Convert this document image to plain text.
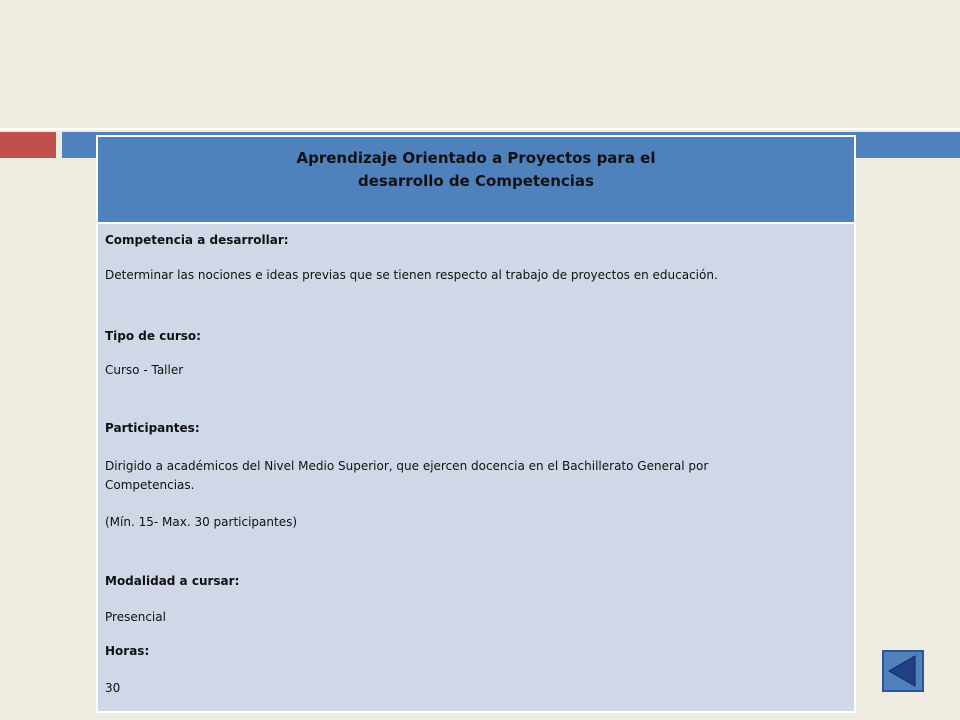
Aprendizaje Orientado a Proyectos para el

desarrollo de Competencias

Competencia a desarrollar:

Determinar las nociones e ideas previas que se tienen respecto al trabajo de proyectos en educación.

Tipo de curso:

Curso - Taller

Participantes:

Dirigido a académicos del Nivel Medio Superior, que ejercen docencia en el Bachillerato General por Competencias.

(Mín. 15- Max. 30 participantes)

Modalidad a cursar:

Presencial

Horas:

30
